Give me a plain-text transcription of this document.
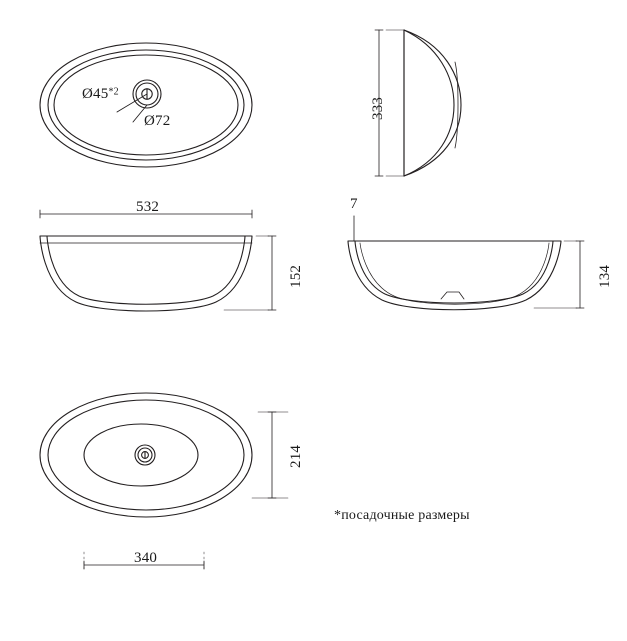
Ø45$^{*2}$
Ø72
333
532
152
7
134
214
340
*посадочные размеры
